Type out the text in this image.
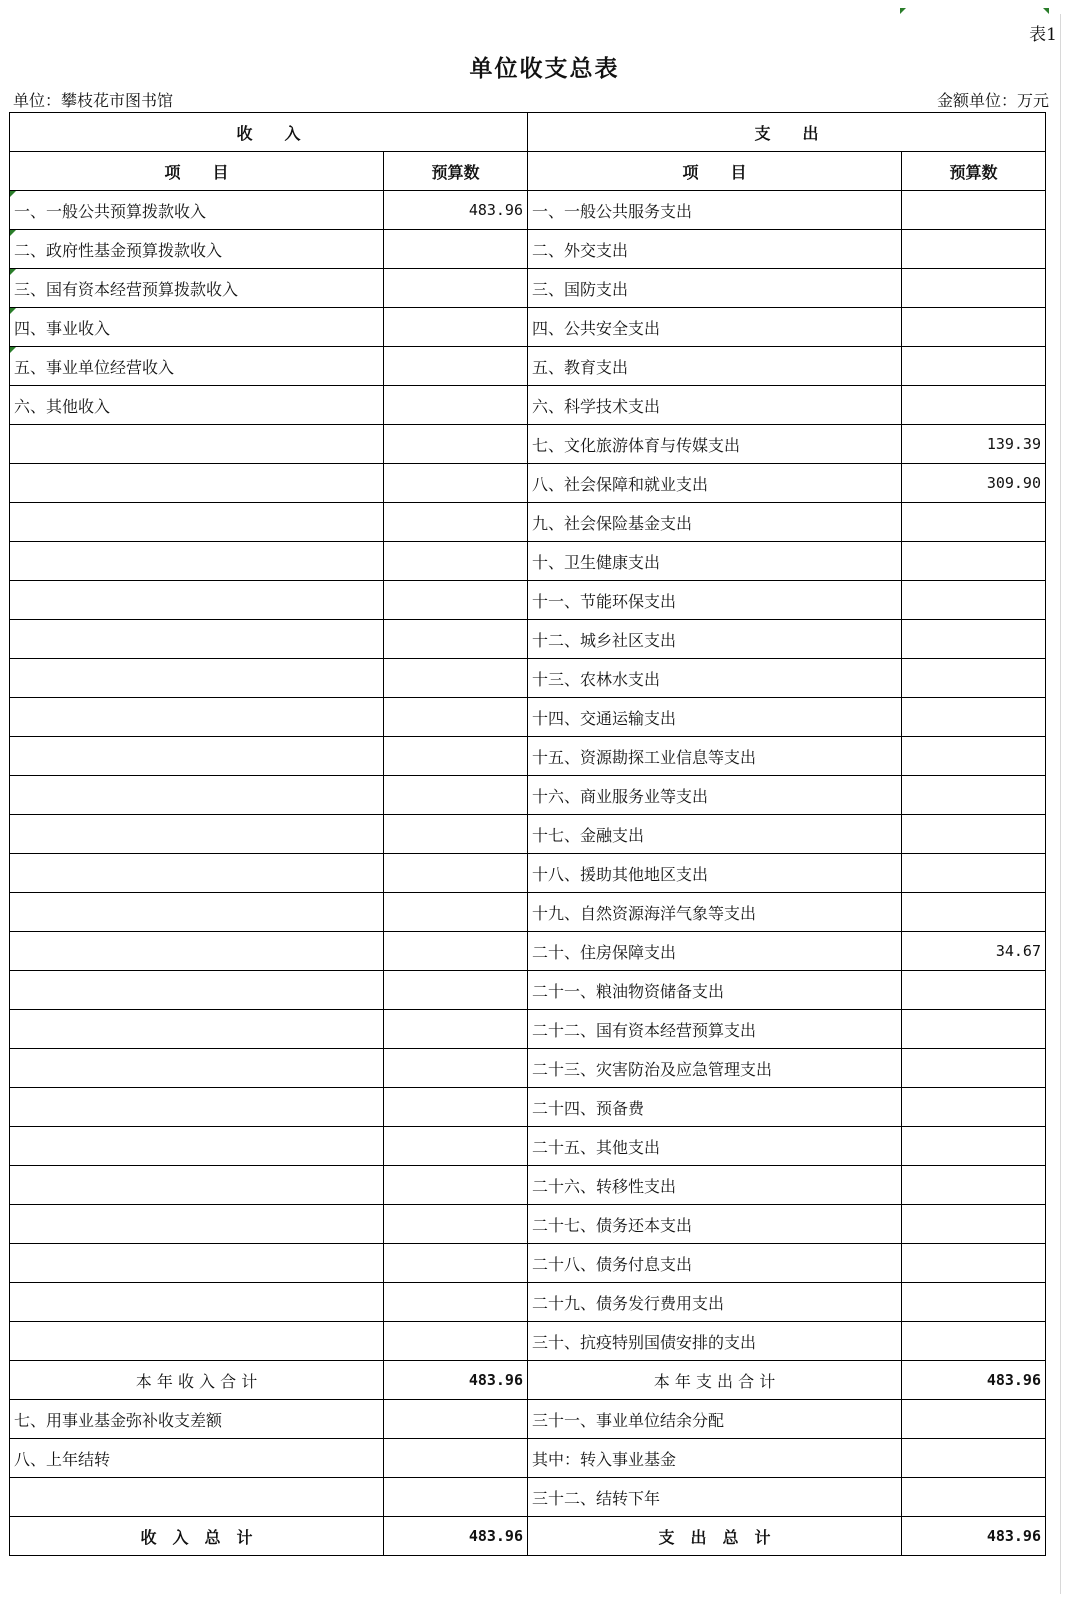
表1
单位收支总表
单位：攀枝花市图书馆	金额单位：万元
收　　入		支　　出	
项　　目	预算数	项　　目	预算数

一、一般公共预算拨款收入	483.96	一、一般公共服务支出	

二、政府性基金预算拨款收入		二、外交支出	

三、国有资本经营预算拨款收入		三、国防支出	

四、事业收入		四、公共安全支出	

五、事业单位经营收入		五、教育支出	
六、其他收入		六、科学技术支出	
		七、文化旅游体育与传媒支出	139.39
		八、社会保障和就业支出	309.90
		九、社会保险基金支出	
		十、卫生健康支出	
		十一、节能环保支出	
		十二、城乡社区支出	
		十三、农林水支出	
		十四、交通运输支出	
		十五、资源勘探工业信息等支出	
		十六、商业服务业等支出	
		十七、金融支出	
		十八、援助其他地区支出	
		十九、自然资源海洋气象等支出	
		二十、住房保障支出	34.67
		二十一、粮油物资储备支出	
		二十二、国有资本经营预算支出	
		二十三、灾害防治及应急管理支出	
		二十四、预备费	
		二十五、其他支出	
		二十六、转移性支出	
		二十七、债务还本支出	
		二十八、债务付息支出	
		二十九、债务发行费用支出	
		三十、抗疫特别国债安排的支出	
本 年 收 入 合 计	483.96	本 年 支 出 合 计	483.96
七、用事业基金弥补收支差额		三十一、事业单位结余分配	
八、上年结转		其中：转入事业基金	
		三十二、结转下年	
收　入　总　计	483.96	支　出　总　计	483.96
